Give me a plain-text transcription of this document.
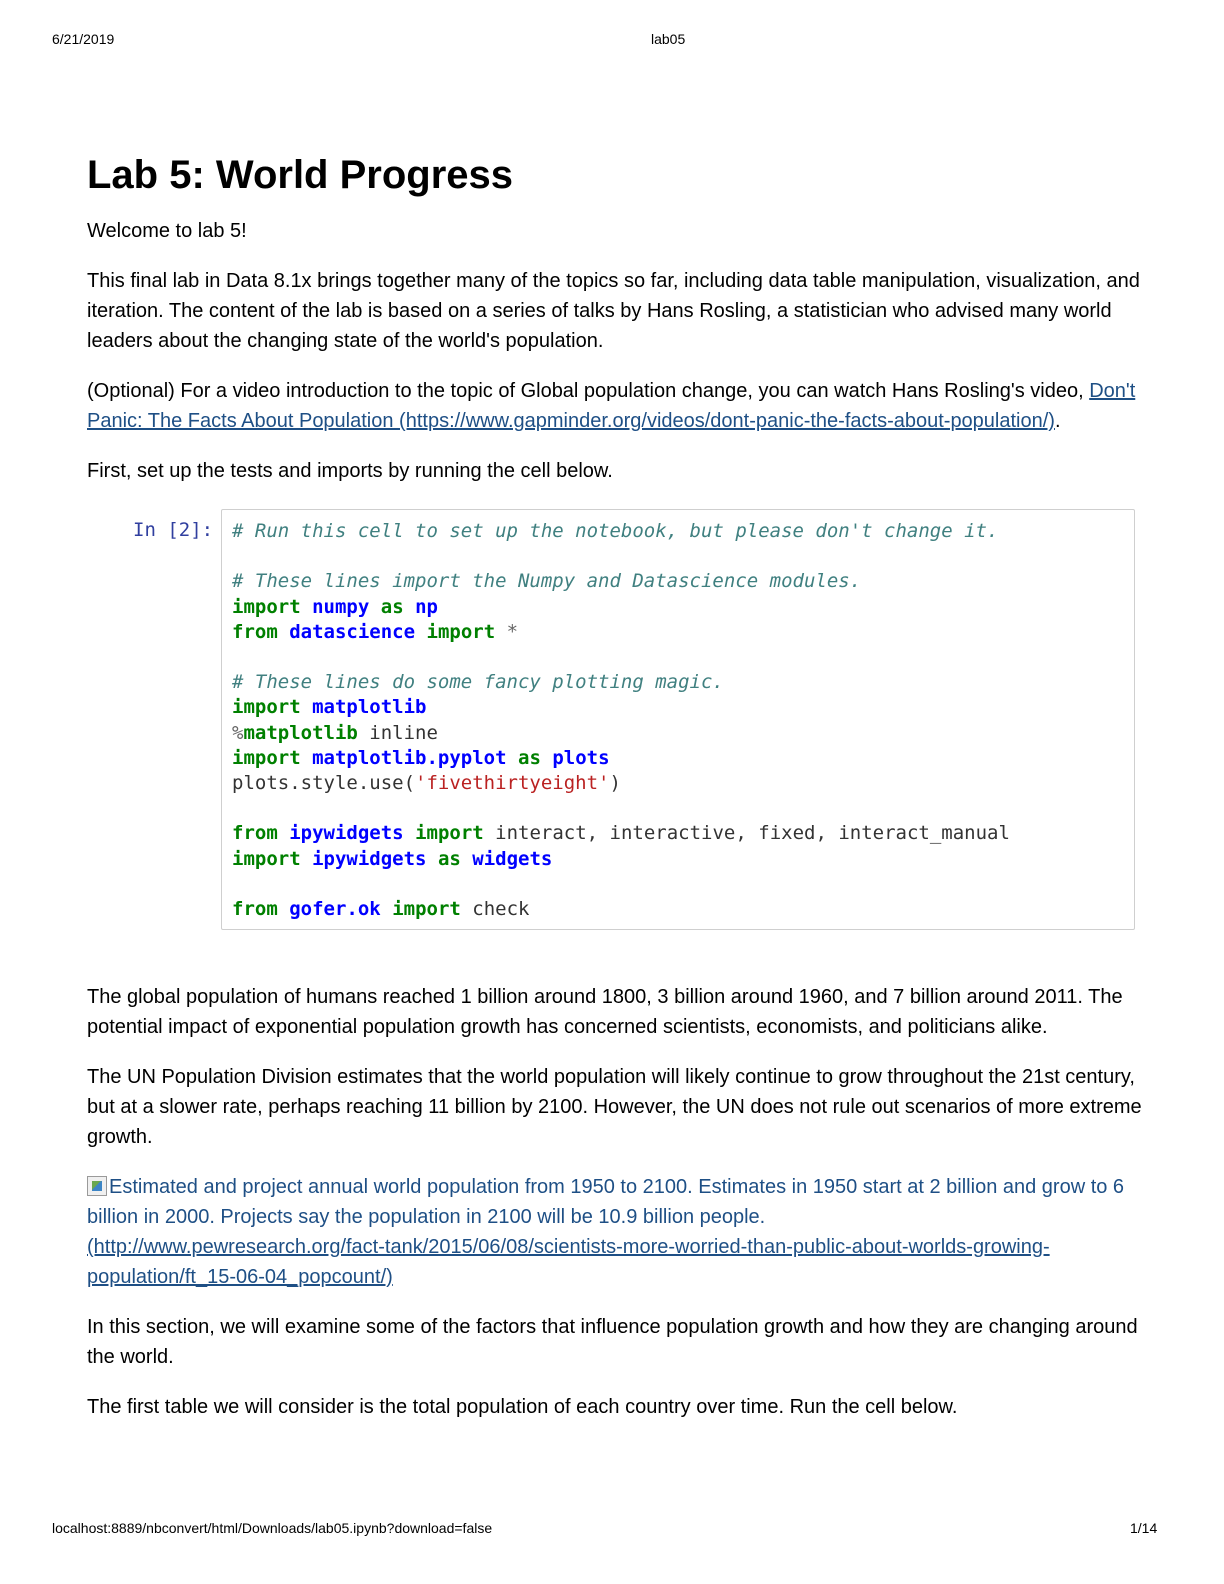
6/21/2019	lab05
Lab 5: World Progress

Welcome to lab 5!

This final lab in Data 8.1x brings together many of the topics so far, including data table manipulation, visualization, and iteration. The content of the lab is based on a series of talks by Hans Rosling, a statistician who advised many world leaders about the changing state of the world's population.

(Optional) For a video introduction to the topic of Global population change, you can watch Hans Rosling's video, Don't Panic: The Facts About Population (https://www.gapminder.org/videos/dont-panic-the-facts-about-population/).

First, set up the tests and imports by running the cell below.

In [2]: # Run this cell to set up the notebook, but please don't change it.

# These lines import the Numpy and Datascience modules.
import numpy as np
from datascience import *

# These lines do some fancy plotting magic.
import matplotlib
%matplotlib inline
import matplotlib.pyplot as plots
plots.style.use('fivethirtyeight')

from ipywidgets import interact, interactive, fixed, interact_manual
import ipywidgets as widgets

from gofer.ok import check

The global population of humans reached 1 billion around 1800, 3 billion around 1960, and 7 billion around 2011. The potential impact of exponential population growth has concerned scientists, economists, and politicians alike.

The UN Population Division estimates that the world population will likely continue to grow throughout the 21st century, but at a slower rate, perhaps reaching 11 billion by 2100. However, the UN does not rule out scenarios of more extreme growth.

Estimated and project annual world population from 1950 to 2100. Estimates in 1950 start at 2 billion and grow to 6 billion in 2000. Projects say the population in 2100 will be 10.9 billion people.
(http://www.pewresearch.org/fact-tank/2015/06/08/scientists-more-worried-than-public-about-worlds-growing-population/ft_15-06-04_popcount/)

In this section, we will examine some of the factors that influence population growth and how they are changing around the world.

The first table we will consider is the total population of each country over time. Run the cell below.

localhost:8889/nbconvert/html/Downloads/lab05.ipynb?download=false	1/14
